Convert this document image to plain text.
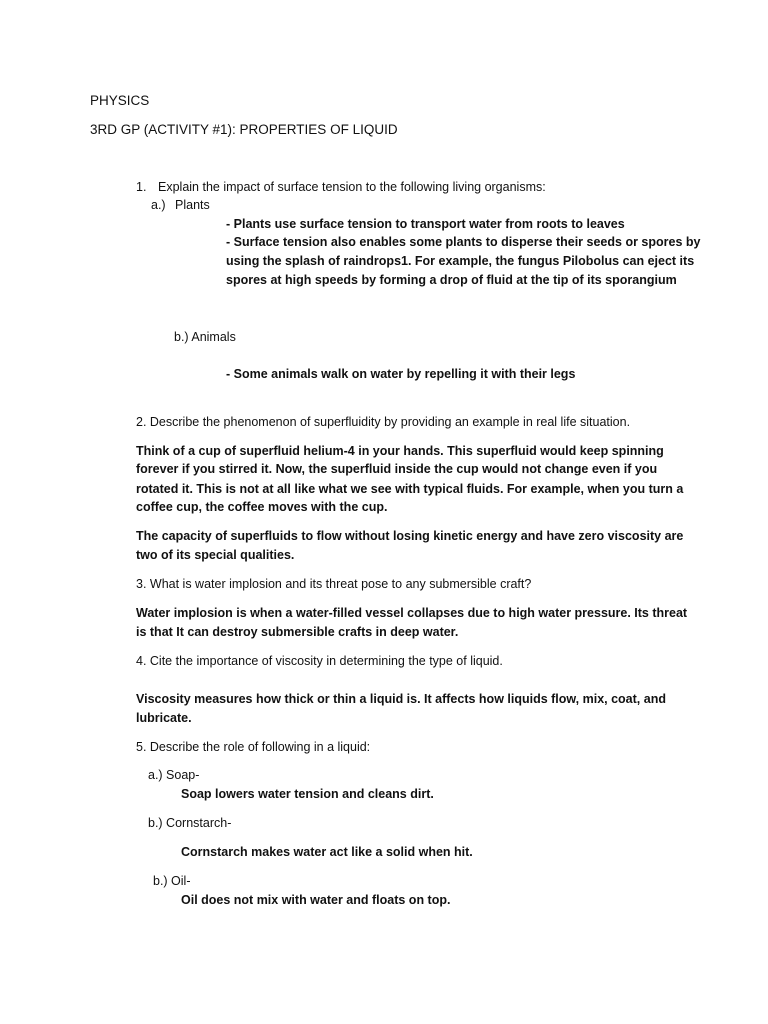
PHYSICS

3RD GP (ACTIVITY #1): PROPERTIES OF LIQUID

1. Explain the impact of surface tension to the following living organisms:

a.) Plants

- Plants use surface tension to transport water from roots to leaves

- Surface tension also enables some plants to disperse their seeds or spores by

using the splash of raindrops1. For example, the fungus Pilobolus can eject its

spores at high speeds by forming a drop of fluid at the tip of its sporangium

b.) Animals

- Some animals walk on water by repelling it with their legs

2. Describe the phenomenon of superfluidity by providing an example in real life situation.

Think of a cup of superfluid helium-4 in your hands. This superfluid would keep spinning

forever if you stirred it. Now, the superfluid inside the cup would not change even if you

rotated it. This is not at all like what we see with typical fluids. For example, when you turn a

coffee cup, the coffee moves with the cup.

The capacity of superfluids to flow without losing kinetic energy and have zero viscosity are

two of its special qualities.

3. What is water implosion and its threat pose to any submersible craft?

Water implosion is when a water-filled vessel collapses due to high water pressure. Its threat

is that It can destroy submersible crafts in deep water.

4. Cite the importance of viscosity in determining the type of liquid.

Viscosity measures how thick or thin a liquid is. It affects how liquids flow, mix, coat, and

lubricate.

5. Describe the role of following in a liquid:

a.) Soap-

Soap lowers water tension and cleans dirt.

b.) Cornstarch-

Cornstarch makes water act like a solid when hit.

b.) Oil-

Oil does not mix with water and floats on top.
